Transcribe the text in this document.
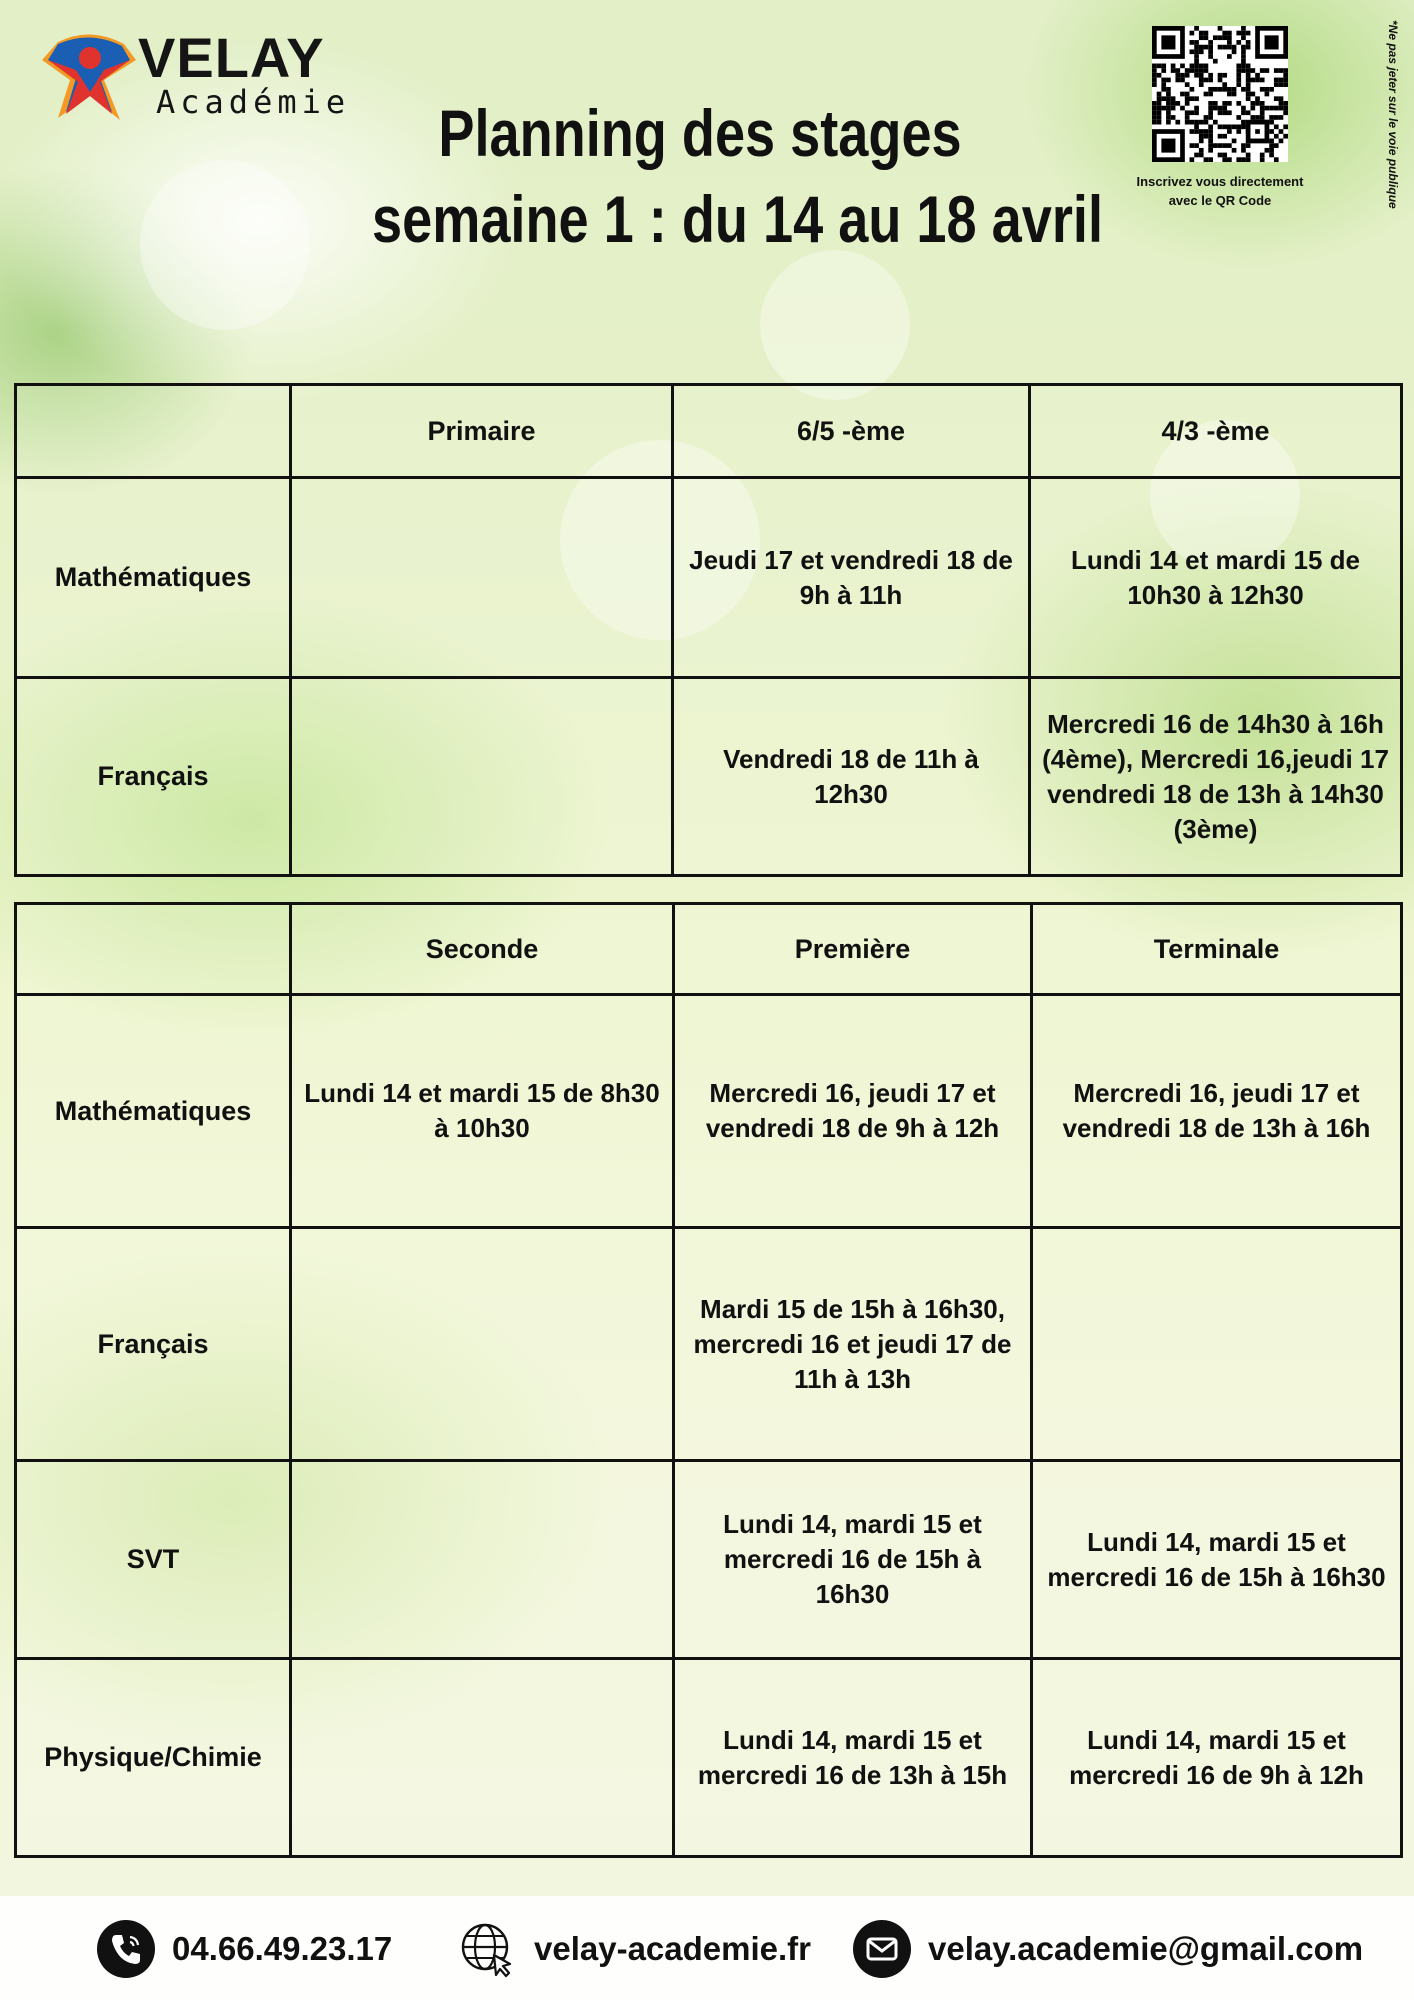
VELAY
Académie	Planning des stages
semaine 1 : du 14 au 18 avril
Inscrivez vous directement
avec le QR Code	*Ne pas jeter sur le voie publique
	Primaire	6/5 -ème	4/3 -ème
Mathématiques		Jeudi 17 et vendredi 18 de 9h à 11h	Lundi 14 et mardi 15 de 10h30 à 12h30
Français		Vendredi 18 de 11h à 12h30	Mercredi 16 de 14h30 à 16h (4ème), Mercredi 16,jeudi 17 vendredi 18 de 13h à 14h30 (3ème)
	Seconde	Première	Terminale
Mathématiques	Lundi 14 et mardi 15 de 8h30 à 10h30	Mercredi 16, jeudi 17 et vendredi 18 de 9h à 12h	Mercredi 16, jeudi 17 et vendredi 18 de 13h à 16h
Français		Mardi 15 de 15h à 16h30, mercredi 16 et jeudi 17 de 11h à 13h	
SVT		Lundi 14, mardi 15 et mercredi 16 de 15h à 16h30	Lundi 14, mardi 15 et mercredi 16 de 15h à 16h30
Physique/Chimie		Lundi 14, mardi 15 et mercredi 16 de 13h à 15h	Lundi 14, mardi 15 et mercredi 16 de 9h à 12h
04.66.49.23.17	velay-academie.fr	velay.academie@gmail.com
